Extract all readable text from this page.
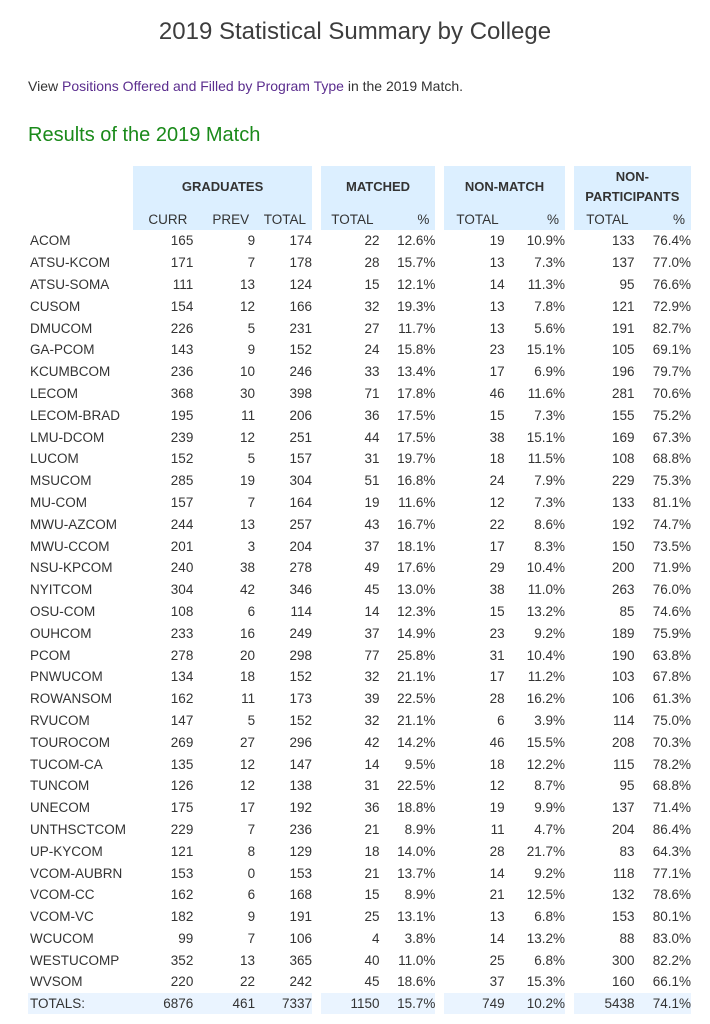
2019 Statistical Summary by College
View Positions Offered and Filled by Program Type in the 2019 Match.
Results of the 2019 Match
	GRADUATES				MATCHED			NON-MATCH			NON-
PARTICIPANTS	
	CURR	PREV	TOTAL		TOTAL	%		TOTAL	%		TOTAL	%
ACOM	165	9	174		22	12.6%		19	10.9%		133	76.4%
ATSU-KCOM	171	7	178		28	15.7%		13	7.3%		137	77.0%
ATSU-SOMA	111	13	124		15	12.1%		14	11.3%		95	76.6%
CUSOM	154	12	166		32	19.3%		13	7.8%		121	72.9%
DMUCOM	226	5	231		27	11.7%		13	5.6%		191	82.7%
GA-PCOM	143	9	152		24	15.8%		23	15.1%		105	69.1%
KCUMBCOM	236	10	246		33	13.4%		17	6.9%		196	79.7%
LECOM	368	30	398		71	17.8%		46	11.6%		281	70.6%
LECOM-BRAD	195	11	206		36	17.5%		15	7.3%		155	75.2%
LMU-DCOM	239	12	251		44	17.5%		38	15.1%		169	67.3%
LUCOM	152	5	157		31	19.7%		18	11.5%		108	68.8%
MSUCOM	285	19	304		51	16.8%		24	7.9%		229	75.3%
MU-COM	157	7	164		19	11.6%		12	7.3%		133	81.1%
MWU-AZCOM	244	13	257		43	16.7%		22	8.6%		192	74.7%
MWU-CCOM	201	3	204		37	18.1%		17	8.3%		150	73.5%
NSU-KPCOM	240	38	278		49	17.6%		29	10.4%		200	71.9%
NYITCOM	304	42	346		45	13.0%		38	11.0%		263	76.0%
OSU-COM	108	6	114		14	12.3%		15	13.2%		85	74.6%
OUHCOM	233	16	249		37	14.9%		23	9.2%		189	75.9%
PCOM	278	20	298		77	25.8%		31	10.4%		190	63.8%
PNWUCOM	134	18	152		32	21.1%		17	11.2%		103	67.8%
ROWANSOM	162	11	173		39	22.5%		28	16.2%		106	61.3%
RVUCOM	147	5	152		32	21.1%		6	3.9%		114	75.0%
TOUROCOM	269	27	296		42	14.2%		46	15.5%		208	70.3%
TUCOM-CA	135	12	147		14	9.5%		18	12.2%		115	78.2%
TUNCOM	126	12	138		31	22.5%		12	8.7%		95	68.8%
UNECOM	175	17	192		36	18.8%		19	9.9%		137	71.4%
UNTHSCTCOM	229	7	236		21	8.9%		11	4.7%		204	86.4%
UP-KYCOM	121	8	129		18	14.0%		28	21.7%		83	64.3%
VCOM-AUBRN	153	0	153		21	13.7%		14	9.2%		118	77.1%
VCOM-CC	162	6	168		15	8.9%		21	12.5%		132	78.6%
VCOM-VC	182	9	191		25	13.1%		13	6.8%		153	80.1%
WCUCOM	99	7	106		4	3.8%		14	13.2%		88	83.0%
WESTUCOMP	352	13	365		40	11.0%		25	6.8%		300	82.2%
WVSOM	220	22	242		45	18.6%		37	15.3%		160	66.1%
TOTALS:	6876	461	7337		1150	15.7%		749	10.2%		5438	74.1%
